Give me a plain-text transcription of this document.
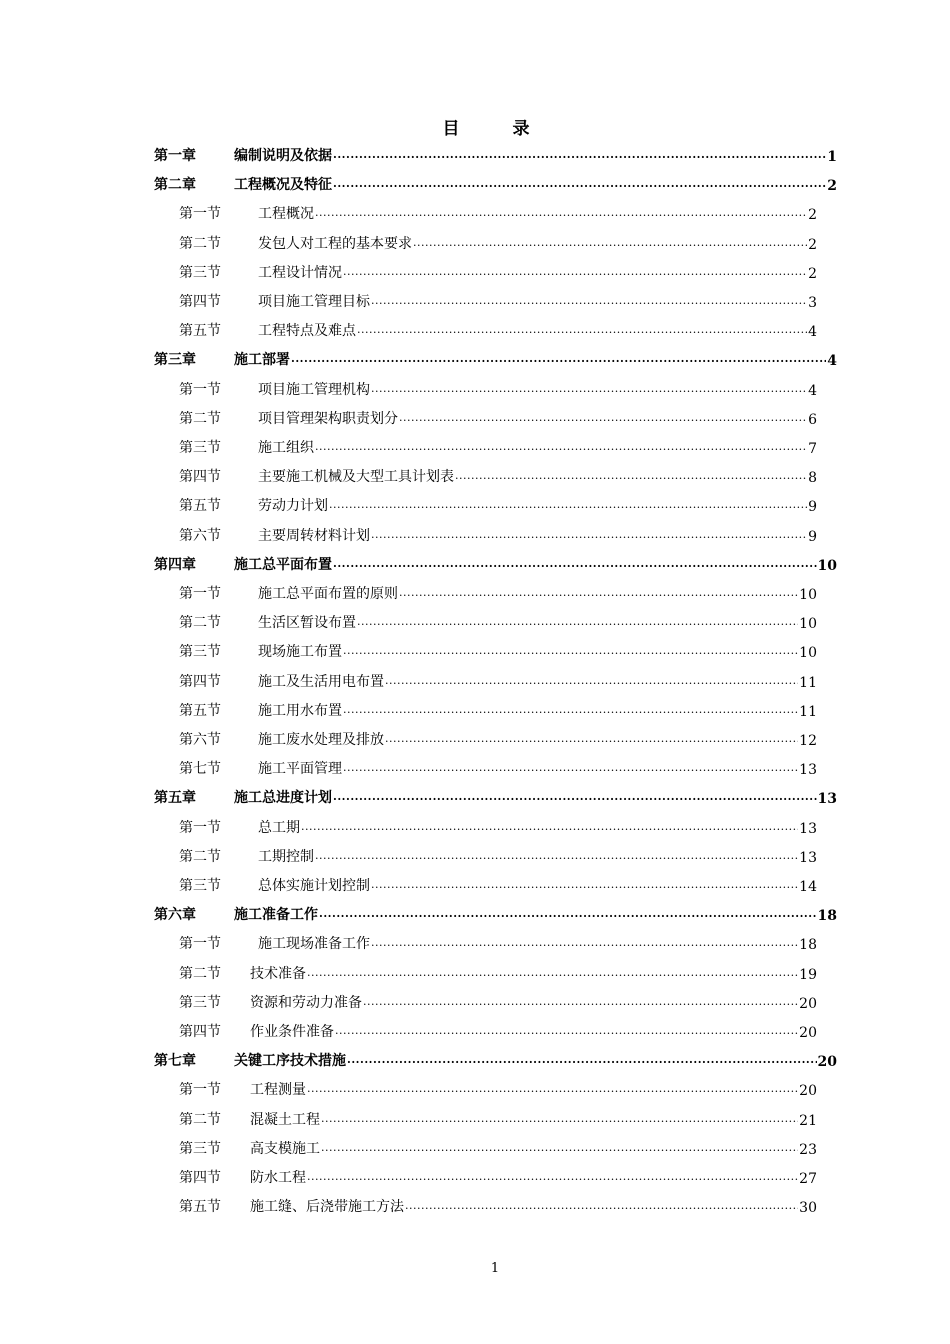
目　录
第一章	编制说明及依据 .....	1
第二章	工程概况及特征 .....	2
第一节	工程概况 .....	2
第二节	发包人对工程的基本要求 .....	2
第三节	工程设计情况 .....	2
第四节	项目施工管理目标 .....	3
第五节	工程特点及难点 .....	4
第三章	施工部署 .....	4
第一节	项目施工管理机构 .....	4
第二节	项目管理架构职责划分 .....	6
第三节	施工组织 .....	7
第四节	主要施工机械及大型工具计划表 .....	8
第五节	劳动力计划 .....	9
第六节	主要周转材料计划 .....	9
第四章	施工总平面布置 .....	10
第一节	施工总平面布置的原则 .....	10
第二节	生活区暂设布置 .....	10
第三节	现场施工布置 .....	10
第四节	施工及生活用电布置 .....	11
第五节	施工用水布置 .....	11
第六节	施工废水处理及排放 .....	12
第七节	施工平面管理 .....	13
第五章	施工总进度计划 .....	13
第一节	总工期 .....	13
第二节	工期控制 .....	13
第三节	总体实施计划控制 .....	14
第六章	施工准备工作 .....	18
第一节	施工现场准备工作 .....	18
第二节	技术准备 .....	19
第三节	资源和劳动力准备 .....	20
第四节	作业条件准备 .....	20
第七章	关键工序技术措施 .....	20
第一节	工程测量 .....	20
第二节	混凝土工程 .....	21
第三节	高支模施工 .....	23
第四节	防水工程 .....	27
第五节	施工缝、后浇带施工方法 .....	30
1
